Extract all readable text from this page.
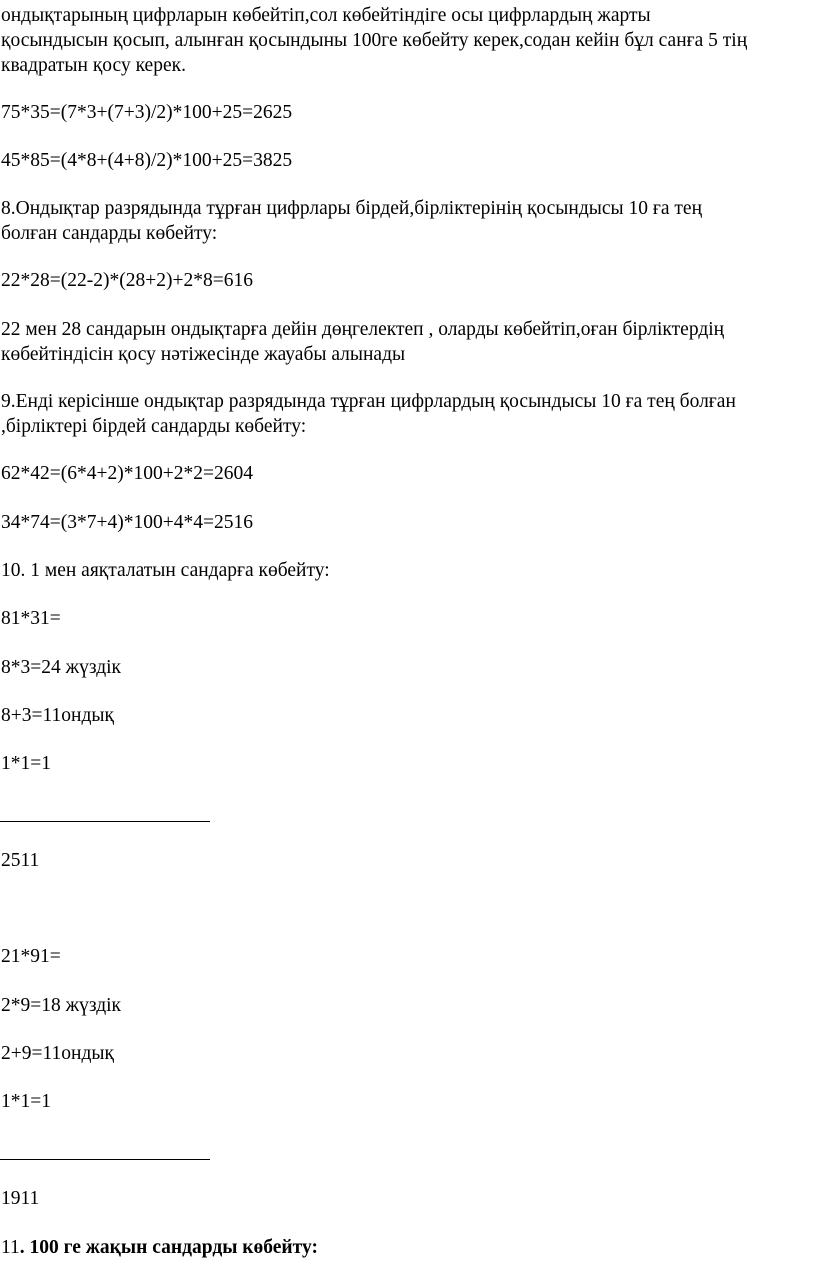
ондықтарының цифрларын көбейтіп,сол көбейтіндіге осы цифрлардың жарты

қосындысын қосып, алынған қосындыны 100ге көбейту керек,содан кейін бұл санға 5 тің

квадратын қосу керек.

75*35=(7*3+(7+3)/2)*100+25=2625

45*85=(4*8+(4+8)/2)*100+25=3825

8.Ондықтар разрядында тұрған цифрлары бірдей,бірліктерінің қосындысы 10 ға тең

болған сандарды көбейту:

22*28=(22-2)*(28+2)+2*8=616

22 мен 28 сандарын ондықтарға дейін дөңгелектеп , оларды көбейтіп,оған бірліктердің

көбейтіндісін қосу нәтіжесінде жауабы алынады

9.Енді керісінше ондықтар разрядында тұрған цифрлардың қосындысы 10 ға тең болған

,бірліктері бірдей сандарды көбейту:

62*42=(6*4+2)*100+2*2=2604

34*74=(3*7+4)*100+4*4=2516

10. 1 мен аяқталатын сандарға көбейту:

81*31=

8*3=24 жүздік

8+3=11ондық

1*1=1

2511

21*91=

2*9=18 жүздік

2+9=11ондық

1*1=1

1911

11. 100 ге жақын сандарды көбейту:
